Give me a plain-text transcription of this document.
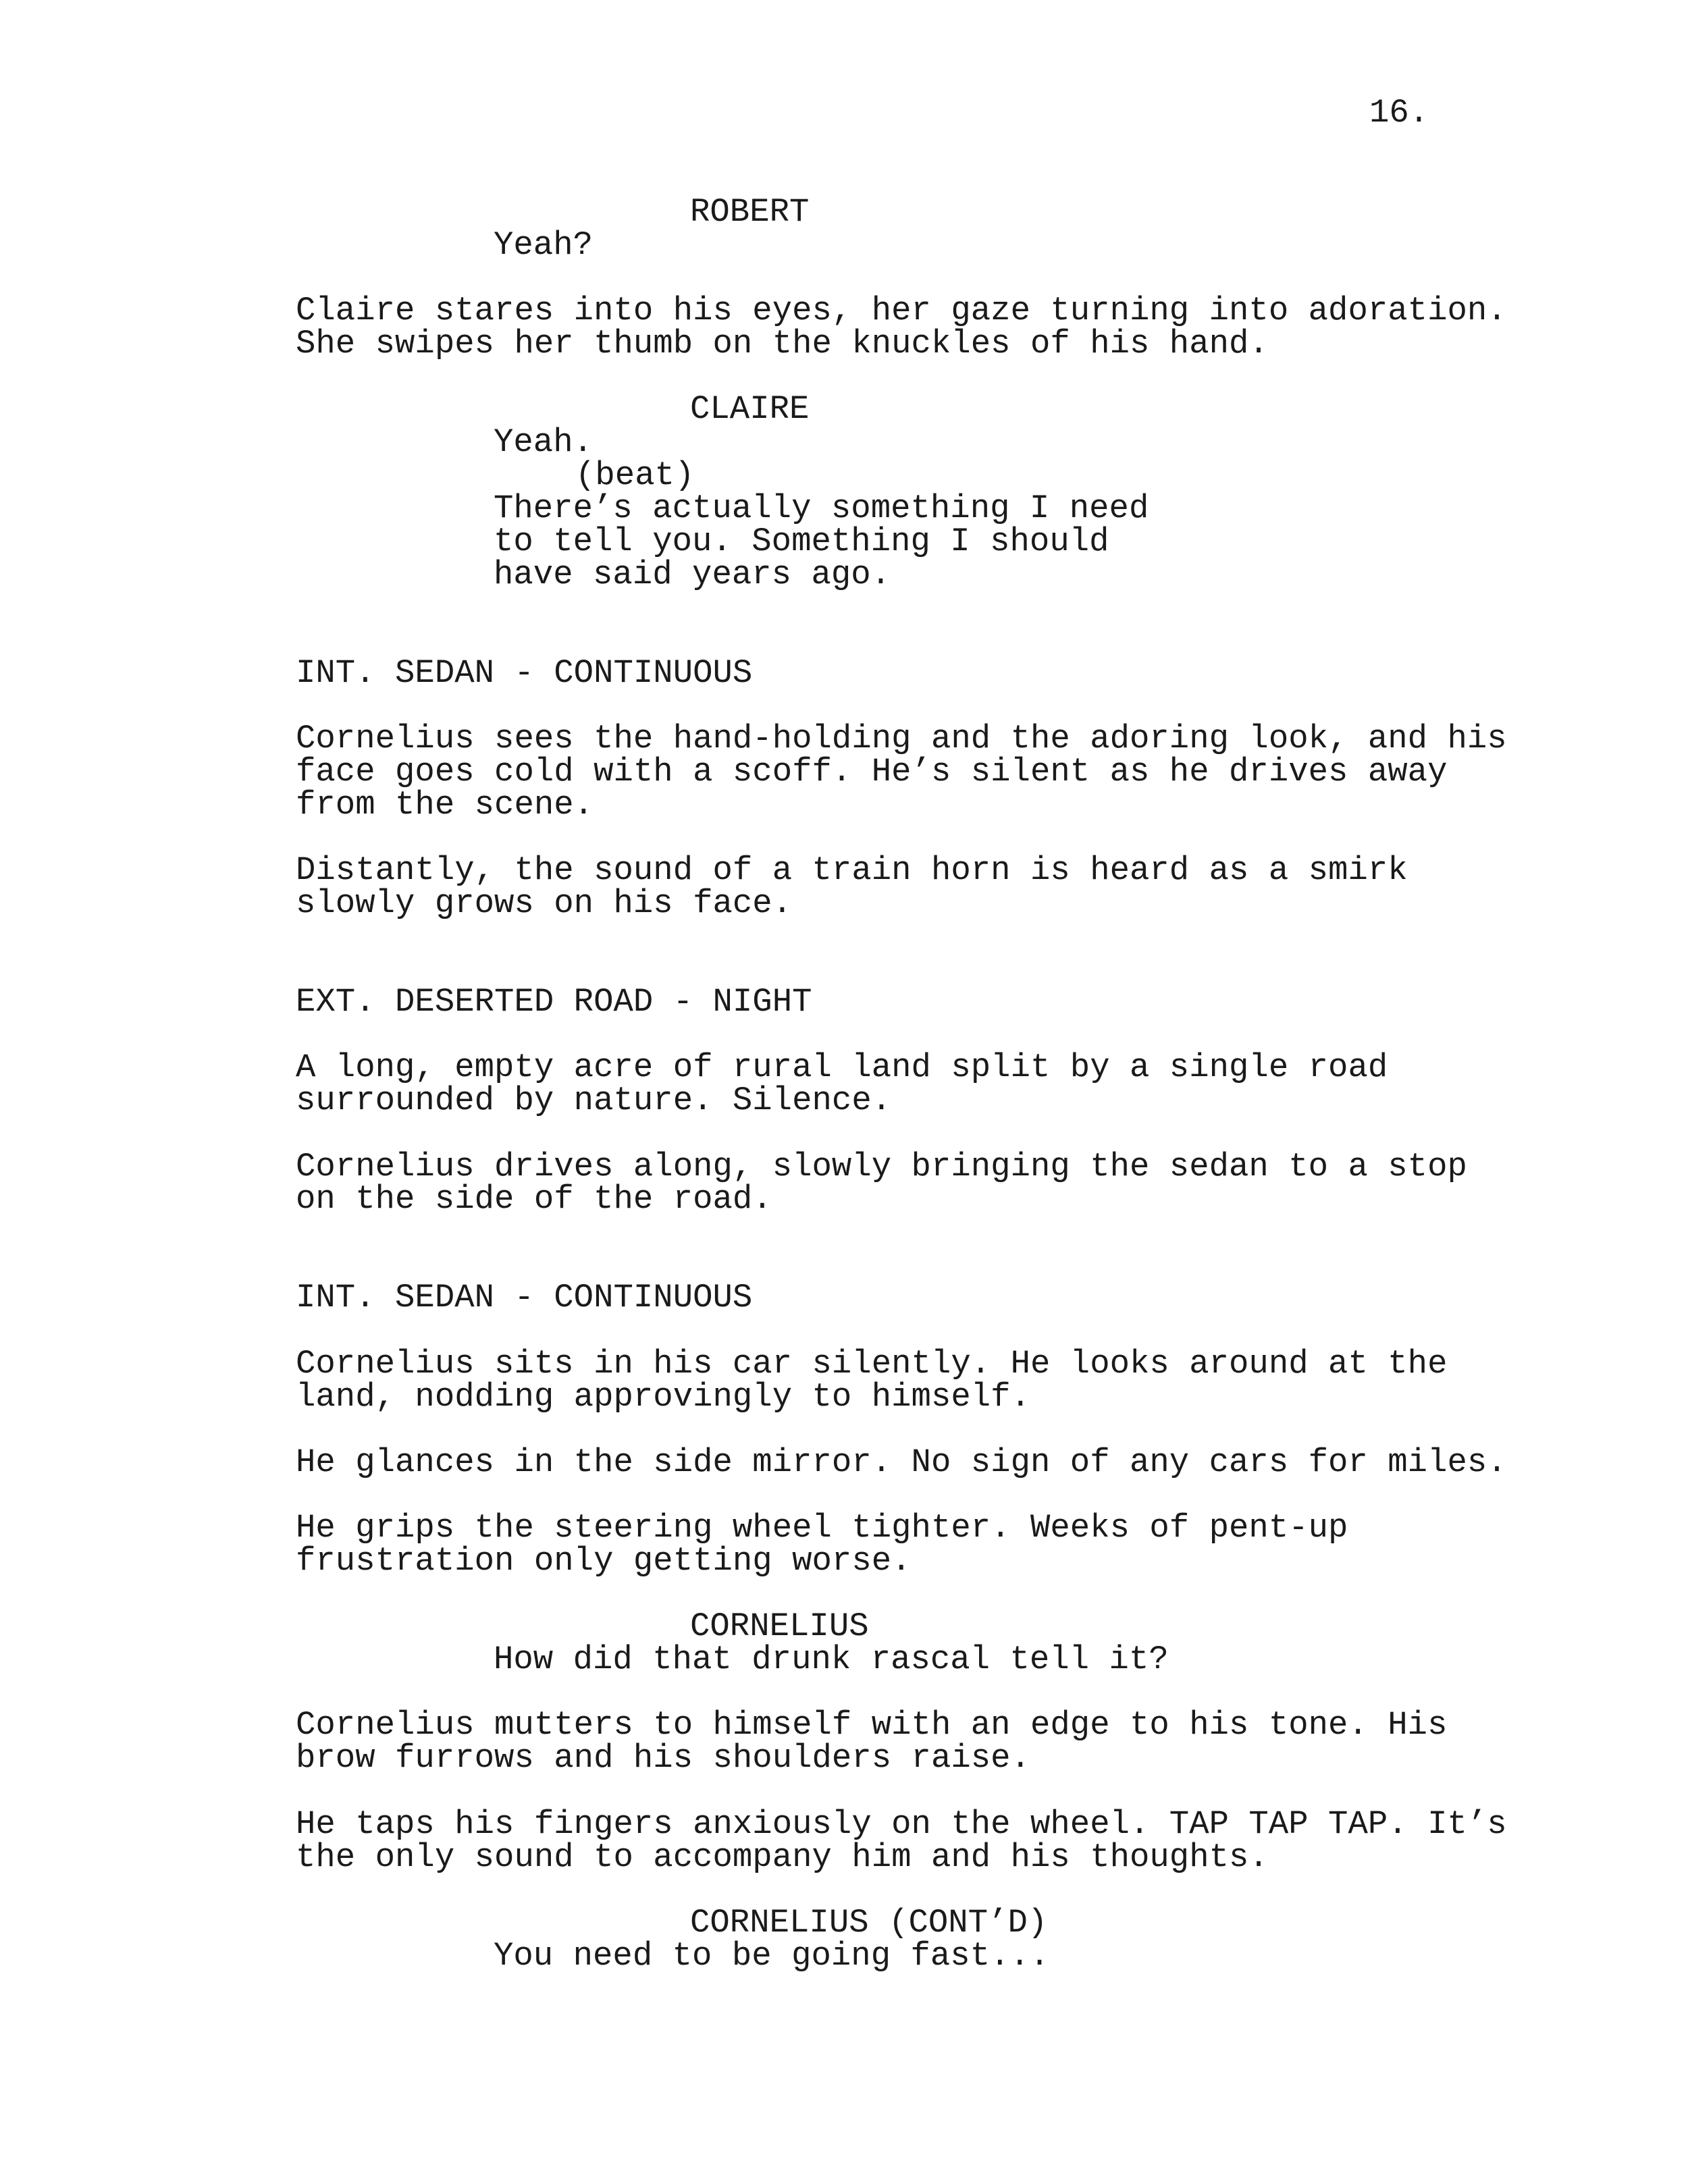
16.
ROBERT
Yeah?
Claire stares into his eyes, her gaze turning into adoration.
She swipes her thumb on the knuckles of his hand.
CLAIRE
Yeah.
(beat)
There’s actually something I need
to tell you. Something I should
have said years ago.
INT. SEDAN - CONTINUOUS
Cornelius sees the hand-holding and the adoring look, and his
face goes cold with a scoff. He’s silent as he drives away
from the scene.
Distantly, the sound of a train horn is heard as a smirk
slowly grows on his face.
EXT. DESERTED ROAD - NIGHT
A long, empty acre of rural land split by a single road
surrounded by nature. Silence.
Cornelius drives along, slowly bringing the sedan to a stop
on the side of the road.
INT. SEDAN - CONTINUOUS
Cornelius sits in his car silently. He looks around at the
land, nodding approvingly to himself.
He glances in the side mirror. No sign of any cars for miles.
He grips the steering wheel tighter. Weeks of pent-up
frustration only getting worse.
CORNELIUS
How did that drunk rascal tell it?
Cornelius mutters to himself with an edge to his tone. His
brow furrows and his shoulders raise.
He taps his fingers anxiously on the wheel. TAP TAP TAP. It’s
the only sound to accompany him and his thoughts.
CORNELIUS (CONT’D)
You need to be going fast...
